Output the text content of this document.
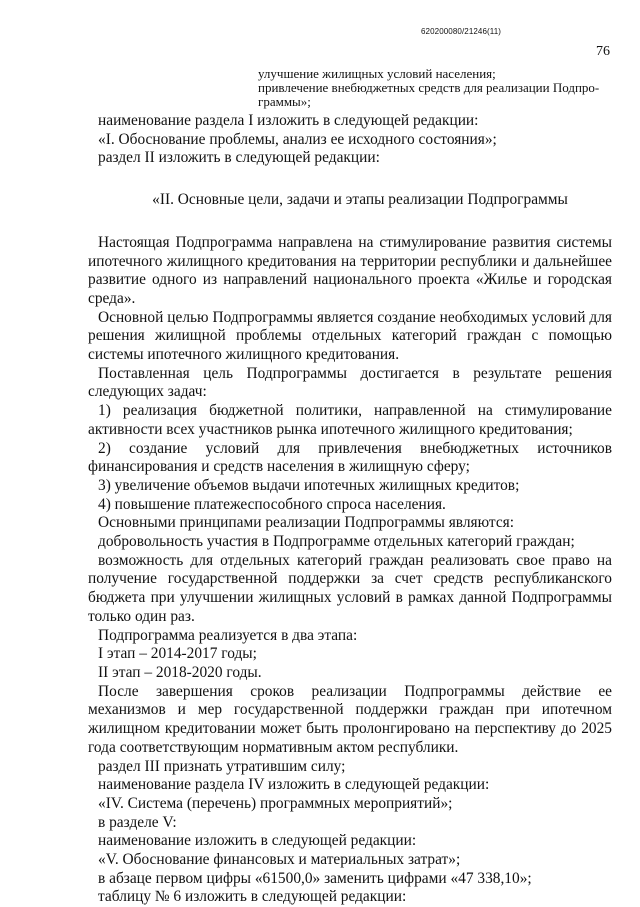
620200080/21246(11)
76

улучшение жилищных условий населения;

привлечение внебюджетных средств для реализации Подпро-

граммы»;

наименование раздела I изложить в следующей редакции:

«I. Обоснование проблемы, анализ ее исходного состояния»;

раздел II изложить в следующей редакции:

«II. Основные цели, задачи и этапы реализации Подпрограммы

Настоящая Подпрограмма направлена на стимулирование развития системы ипотечного жилищного кредитования на территории республики и дальнейшее развитие одного из направлений национального проекта «Жилье и городская среда».

Основной целью Подпрограммы является создание необходимых условий для решения жилищной проблемы отдельных категорий граждан с помощью системы ипотечного жилищного кредитования.

Поставленная цель Подпрограммы достигается в результате решения следующих задач:

1) реализация бюджетной политики, направленной на стимулирование активности всех участников рынка ипотечного жилищного кредитования;

2) создание условий для привлечения внебюджетных источников финансирования и средств населения в жилищную сферу;

3) увеличение объемов выдачи ипотечных жилищных кредитов;

4) повышение платежеспособного спроса населения.

Основными принципами реализации Подпрограммы являются:

добровольность участия в Подпрограмме отдельных категорий граждан;

возможность для отдельных категорий граждан реализовать свое право на получение государственной поддержки за счет средств республиканского бюджета при улучшении жилищных условий в рамках данной Подпрограммы только один раз.

Подпрограмма реализуется в два этапа:

I этап – 2014-2017 годы;

II этап – 2018-2020 годы.

После завершения сроков реализации Подпрограммы действие ее механизмов и мер государственной поддержки граждан при ипотечном жилищном кредитовании может быть пролонгировано на перспективу до 2025 года соответствующим нормативным актом республики.

раздел III признать утратившим силу;

наименование раздела IV изложить в следующей редакции:

«IV. Система (перечень) программных мероприятий»;

в разделе V:

наименование изложить в следующей редакции:

«V. Обоснование финансовых и материальных затрат»;

в абзаце первом цифры «61500,0» заменить цифрами «47 338,10»;

таблицу № 6 изложить в следующей редакции:
